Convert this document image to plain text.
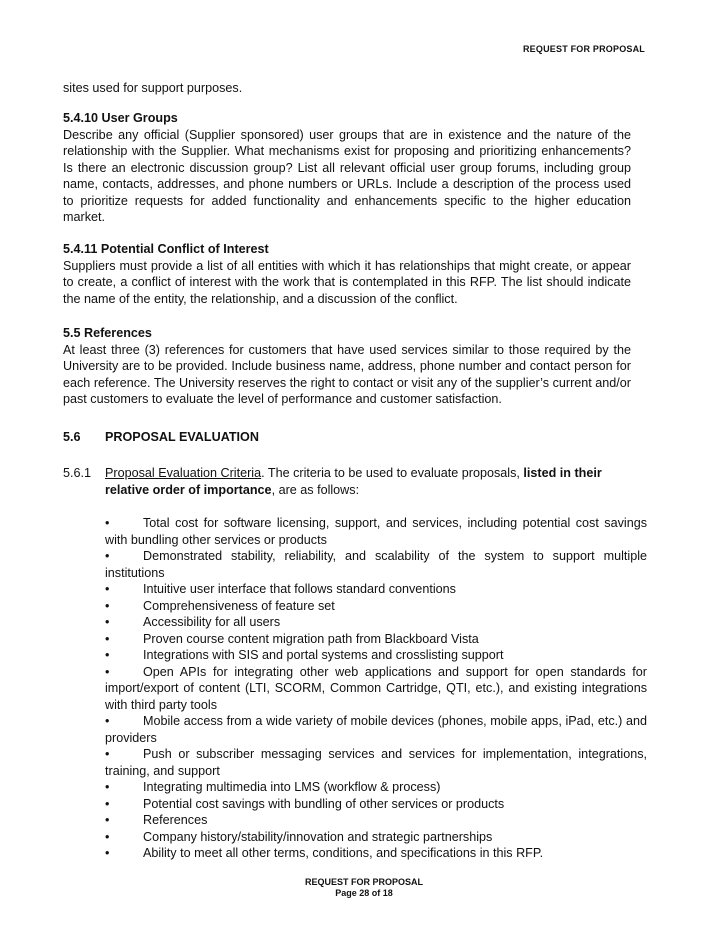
REQUEST FOR PROPOSAL
sites used for support purposes.
5.4.10 User Groups

Describe any official (Supplier sponsored) user groups that are in existence and the nature of the relationship with the Supplier. What mechanisms exist for proposing and prioritizing enhancements? Is there an electronic discussion group? List all relevant official user group forums, including group name, contacts, addresses, and phone numbers or URLs. Include a description of the process used to prioritize requests for added functionality and enhancements specific to the higher education market.

5.4.11 Potential Conflict of Interest

Suppliers must provide a list of all entities with which it has relationships that might create, or appear to create, a conflict of interest with the work that is contemplated in this RFP. The list should indicate the name of the entity, the relationship, and a discussion of the conflict.

5.5 References

At least three (3) references for customers that have used services similar to those required by the University are to be provided. Include business name, address, phone number and contact person for each reference. The University reserves the right to contact or visit any of the supplier’s current and/or past customers to evaluate the level of performance and customer satisfaction.

5.6 PROPOSAL EVALUATION
5.6.1 Proposal Evaluation Criteria. The criteria to be used to evaluate proposals, listed in their relative order of importance, are as follows:
•	Total cost for software licensing, support, and services, including potential cost savings with bundling other services or products
•	Demonstrated stability, reliability, and scalability of the system to support multiple institutions
•	Intuitive user interface that follows standard conventions
•	Comprehensiveness of feature set
•	Accessibility for all users
•	Proven course content migration path from Blackboard Vista
•	Integrations with SIS and portal systems and crosslisting support
•	Open APIs for integrating other web applications and support for open standards for import/export of content (LTI, SCORM, Common Cartridge, QTI, etc.), and existing integrations with third party tools
•	Mobile access from a wide variety of mobile devices (phones, mobile apps, iPad, etc.) and providers
•	Push or subscriber messaging services and services for implementation, integrations, training, and support
•	Integrating multimedia into LMS (workflow & process)
•	Potential cost savings with bundling of other services or products
•	References
•	Company history/stability/innovation and strategic partnerships
•	Ability to meet all other terms, conditions, and specifications in this RFP.
REQUEST FOR PROPOSAL
Page 28 of 18
